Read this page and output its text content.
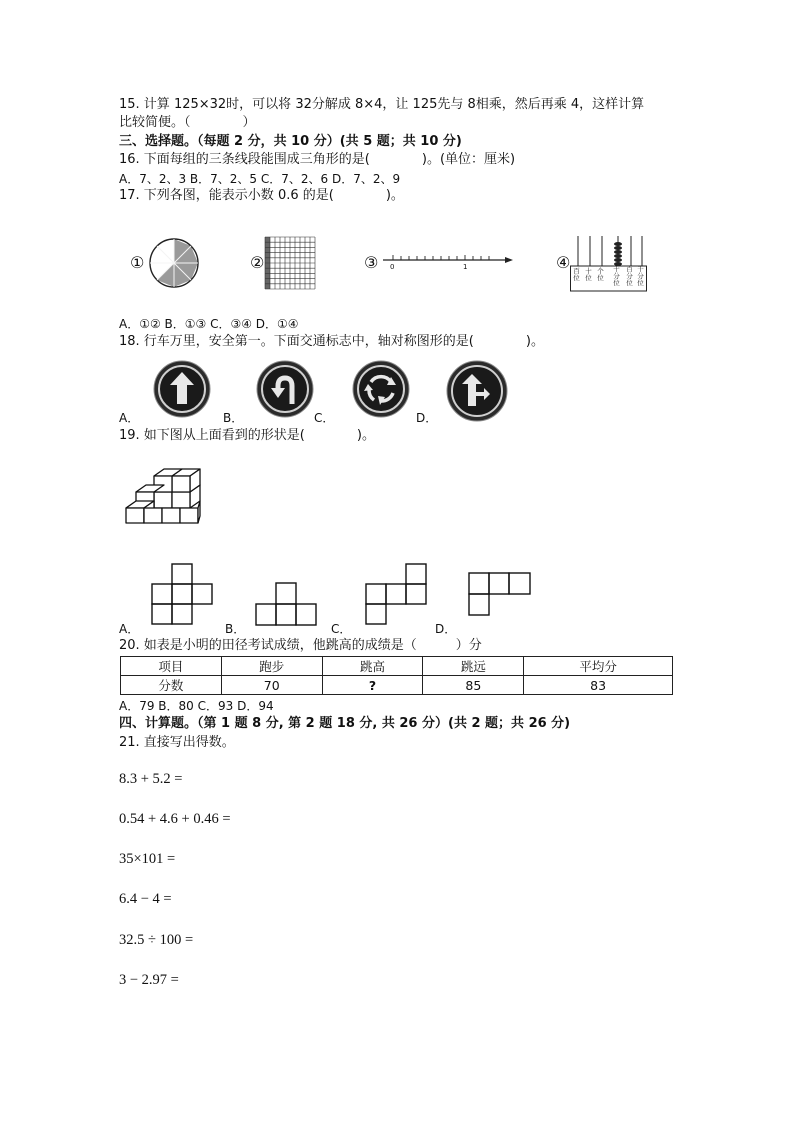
15. 计算 125×32时，可以将 32分解成 8×4，让 125先与 8相乘，然后再乘 4，这样计算
比较简便。（　　　　）
三、选择题。（每题 2 分，共 10 分）(共 5 题；共 10 分)
16. 下面每组的三条线段能围成三角形的是(　　　　)。(单位：厘米)
A．7、2、3 B．7、2、5 C．7、2、6 D．7、2、9
17. 下列各图，能表示小数 0.6 的是(　　　　)。
①	②	③ 0	1	④ 百位
十位
个位
十分位
百分位
千分位
A．①② B．①③ C．③④ D．①④
18. 行车万里，安全第一。下面交通标志中，轴对称图形的是(　　　　)。
A．	B．	C．	D．
19. 如下图从上面看到的形状是(　　　　)。
A．	B．	C．	D．
20. 如表是小明的田径考试成绩，他跳高的成绩是（　　　）分
项目	跑步	跳高	跳远	平均分
分数	70	?	85	83
A．79 B．80 C．93 D．94
四、计算题。（第 1 题 8 分, 第 2 题 18 分, 共 26 分）(共 2 题；共 26 分)
21. 直接写出得数。
8.3 + 5.2 =
0.54 + 4.6 + 0.46 =
35×101 =
6.4 − 4 =
32.5 ÷ 100 =
3 − 2.97 =
